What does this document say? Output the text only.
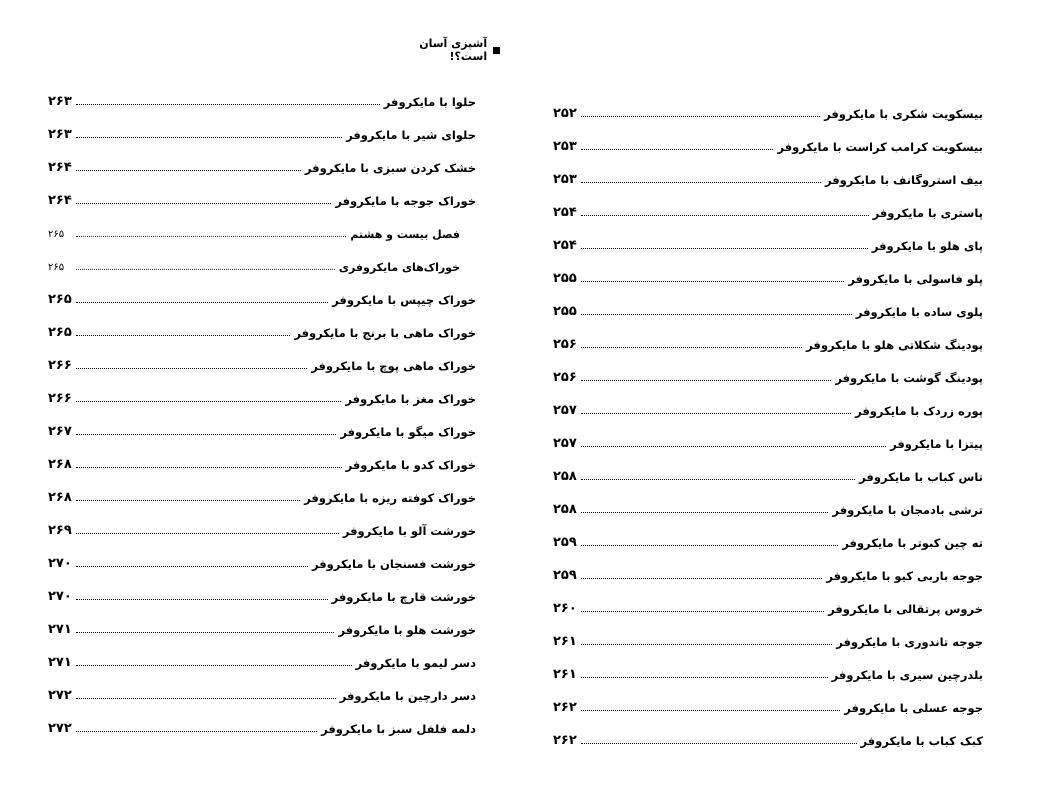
آشپزی آسان است؟!
حلوا با مایکروفر
۲۶۳
حلوای شیر با مایکروفر
۲۶۳
خشک کردن سبزی با مایکروفر
۲۶۴
خوراک جوجه با مایکروفر
۲۶۴
فصل بیست و هشتم
۲۶۵
خوراک‌های مایکروفری
۲۶۵
خوراک چیپس با مایکروفر
۲۶۵
خوراک ماهی با برنج با مایکروفر
۲۶۵
خوراک ماهی پوچ با مایکروفر
۲۶۶
خوراک مغز با مایکروفر
۲۶۶
خوراک میگو با مایکروفر
۲۶۷
خوراک کدو با مایکروفر
۲۶۸
خوراک کوفته ریزه با مایکروفر
۲۶۸
خورشت آلو با مایکروفر
۲۶۹
خورشت فسنجان با مایکروفر
۲۷۰
خورشت قارچ با مایکروفر
۲۷۰
خورشت هلو با مایکروفر
۲۷۱
دسر لیمو با مایکروفر
۲۷۱
دسر دارچین با مایکروفر
۲۷۲
دلمه فلفل سبز با مایکروفر
۲۷۲
بیسکویت شکری با مایکروفر
۲۵۲
بیسکویت کرامب کراست با مایکروفر
۲۵۳
بیف استروگانف با مایکروفر
۲۵۳
پاستری با مایکروفر
۲۵۴
پای هلو با مایکروفر
۲۵۴
پلو فاسولی با مایکروفر
۲۵۵
پلوی ساده با مایکروفر
۲۵۵
پودینگ شکلاتی هلو با مایکروفر
۲۵۶
پودینگ گوشت با مایکروفر
۲۵۶
پوره زردک با مایکروفر
۲۵۷
پیتزا با مایکروفر
۲۵۷
تاس کباب با مایکروفر
۲۵۸
ترشی بادمجان با مایکروفر
۲۵۸
ته چین کبوتر با مایکروفر
۲۵۹
جوجه باربی کیو با مایکروفر
۲۵۹
خروس پرتقالی با مایکروفر
۲۶۰
جوجه تاندوری با مایکروفر
۲۶۱
بلدرچین سیری با مایکروفر
۲۶۱
جوجه عسلی با مایکروفر
۲۶۲
کبک کباب با مایکروفر
۲۶۲
